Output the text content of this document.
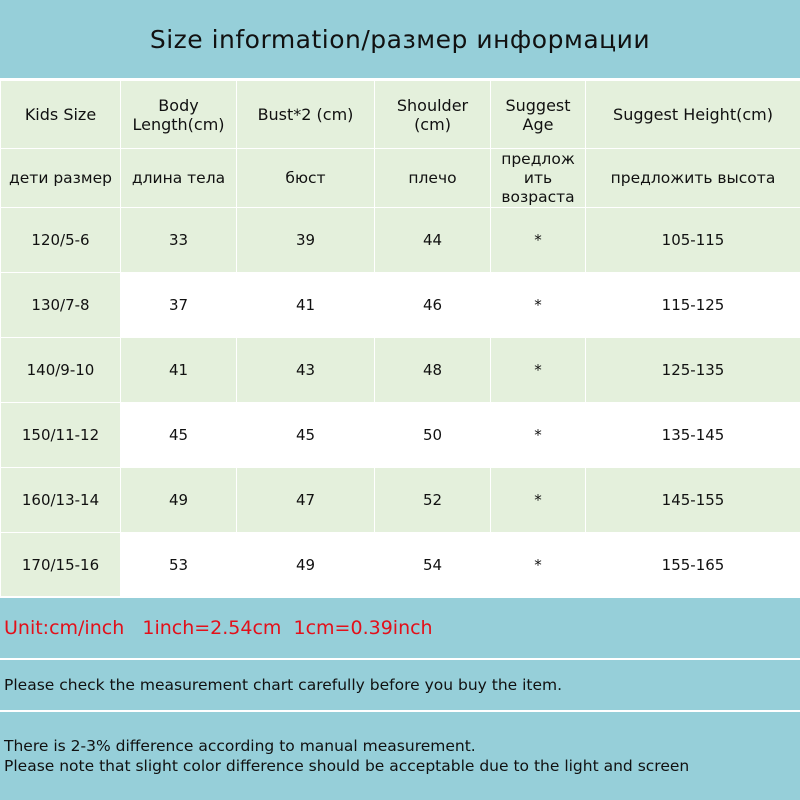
Size information/размер информации
Kids Size	Body Length(cm)	Bust*2 (cm)	Shoulder (cm)	Suggest Age	Suggest Height(cm)
дети размер	длина тела	бюст	плечо	предлож ить возраста	предложить высота
120/5-6	33	39	44	*	105-115
130/7-8	37	41	46	*	115-125
140/9-10	41	43	48	*	125-135
150/11-12	45	45	50	*	135-145
160/13-14	49	47	52	*	145-155
170/15-16	53	49	54	*	155-165
Unit:cm/inch   1inch=2.54cm  1cm=0.39inch
Please check the measurement chart carefully before you buy the item.
There is 2-3% difference according to manual measurement.
Please note that slight color difference should be acceptable due to the light and screen
